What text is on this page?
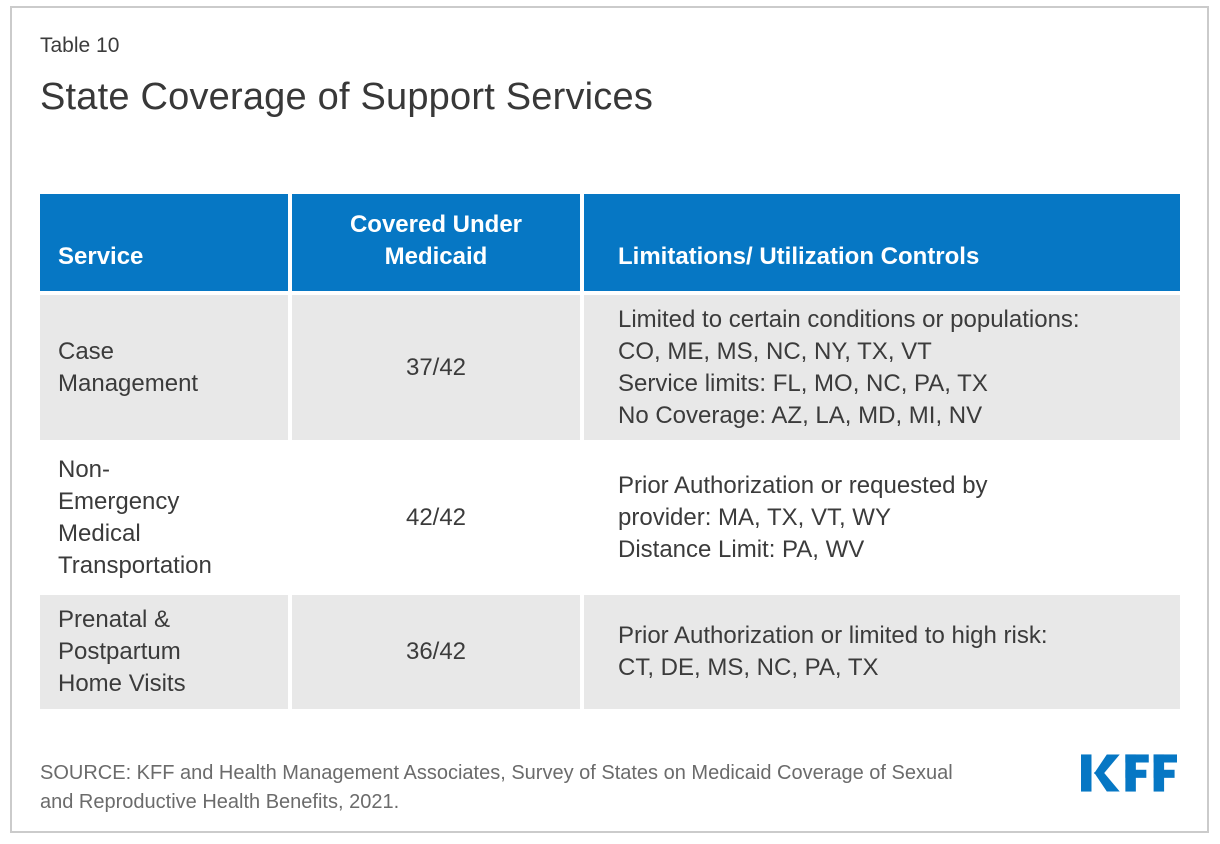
Table 10
State Coverage of Support Services
Service
Covered Under
Medicaid	Limitations/ Utilization Controls
Case
Management
37/42
Limited to certain conditions or populations:
CO, ME, MS, NC, NY, TX, VT
Service limits: FL, MO, NC, PA, TX
No Coverage: AZ, LA, MD, MI, NV
Non-
Emergency
Medical
Transportation
42/42
Prior Authorization or requested by
provider: MA, TX, VT, WY
Distance Limit: PA, WV
Prenatal &
Postpartum
Home Visits
36/42
Prior Authorization or limited to high risk:
CT, DE, MS, NC, PA, TX
SOURCE: KFF and Health Management Associates, Survey of States on Medicaid Coverage of Sexual
and Reproductive Health Benefits, 2021.
